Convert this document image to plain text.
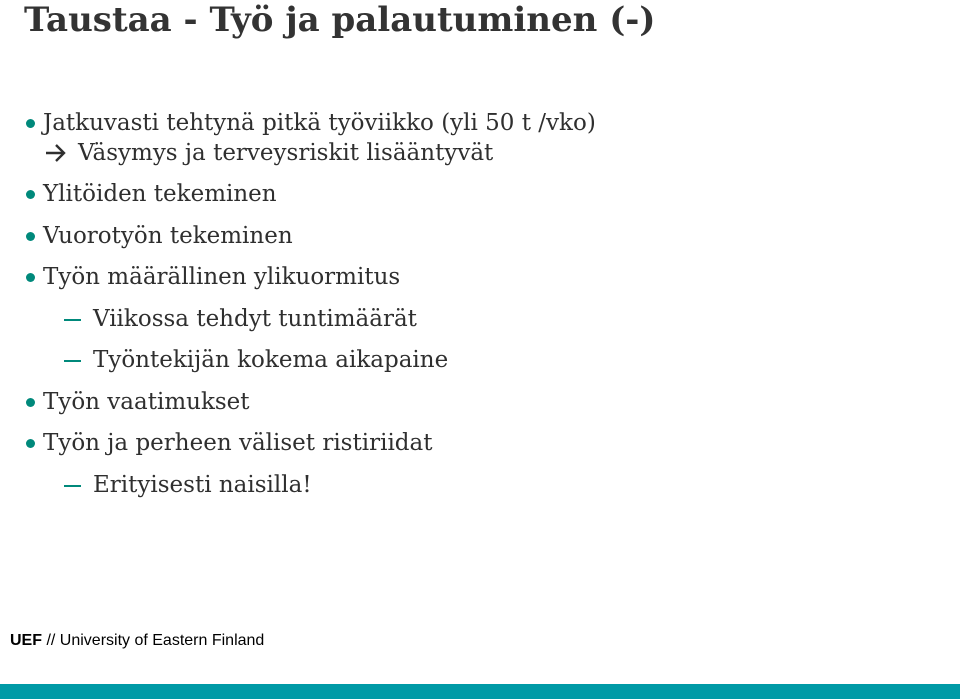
Taustaa - Työ ja palautuminen (-)
Jatkuvasti tehtynä pitkä työviikko (yli 50 t /vko)
Väsymys ja terveysriskit lisääntyvät
Ylitöiden tekeminen
Vuorotyön tekeminen
Työn määrällinen ylikuormitus
Viikossa tehdyt tuntimäärät
Työntekijän kokema aikapaine
Työn vaatimukset
Työn ja perheen väliset ristiriidat
Erityisesti naisilla!
UEF // University of Eastern Finland
